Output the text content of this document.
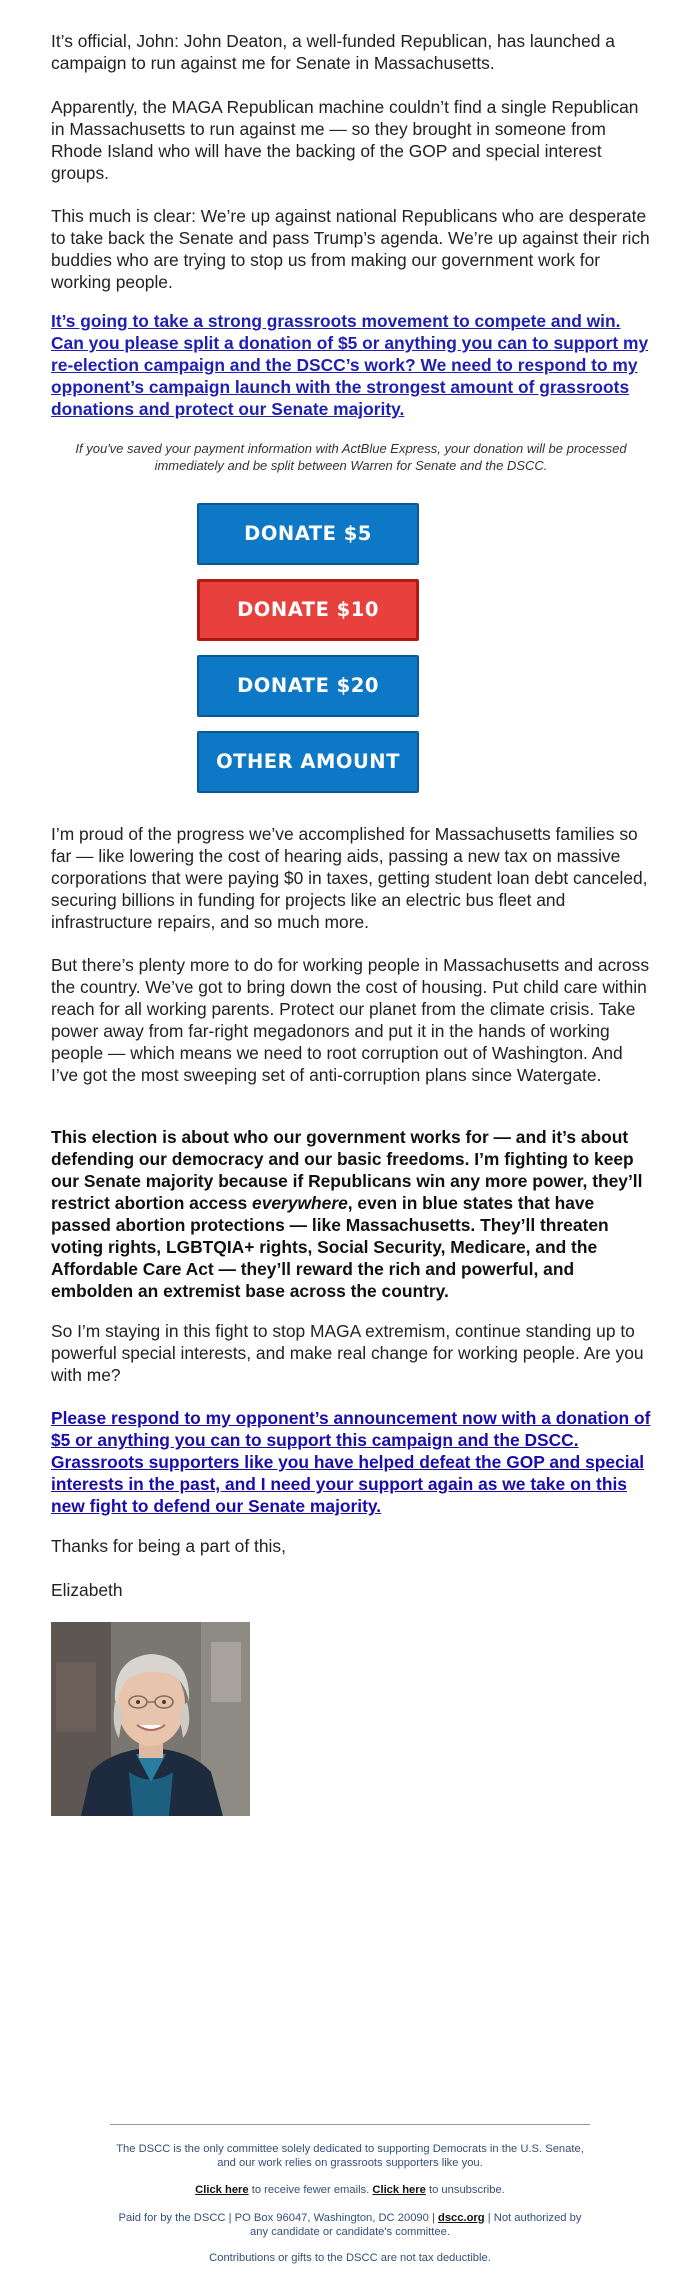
It’s official, John: John Deaton, a well-funded Republican, has launched a campaign to run against me for Senate in Massachusetts.

Apparently, the MAGA Republican machine couldn’t find a single Republican in Massachusetts to run against me — so they brought in someone from Rhode Island who will have the backing of the GOP and special interest groups.

This much is clear: We’re up against national Republicans who are desperate to take back the Senate and pass Trump’s agenda. We’re up against their rich buddies who are trying to stop us from making our government work for working people.

It’s going to take a strong grassroots movement to compete and win. Can you please split a donation of $5 or anything you can to support my re-election campaign and the DSCC’s work? We need to respond to my opponent’s campaign launch with the strongest amount of grassroots donations and protect our Senate majority.

If you've saved your payment information with ActBlue Express, your donation will be processed immediately and be split between Warren for Senate and the DSCC.

DONATE $5
DONATE $10
DONATE $20
OTHER AMOUNT

I’m proud of the progress we’ve accomplished for Massachusetts families so far — like lowering the cost of hearing aids, passing a new tax on massive corporations that were paying $0 in taxes, getting student loan debt canceled, securing billions in funding for projects like an electric bus fleet and infrastructure repairs, and so much more.

But there’s plenty more to do for working people in Massachusetts and across the country. We’ve got to bring down the cost of housing. Put child care within reach for all working parents. Protect our planet from the climate crisis. Take power away from far-right megadonors and put it in the hands of working people — which means we need to root corruption out of Washington. And I’ve got the most sweeping set of anti-corruption plans since Watergate.

This election is about who our government works for — and it’s about defending our democracy and our basic freedoms. I’m fighting to keep our Senate majority because if Republicans win any more power, they’ll restrict abortion access everywhere, even in blue states that have passed abortion protections — like Massachusetts. They’ll threaten voting rights, LGBTQIA+ rights, Social Security, Medicare, and the Affordable Care Act — they’ll reward the rich and powerful, and embolden an extremist base across the country.

So I’m staying in this fight to stop MAGA extremism, continue standing up to powerful special interests, and make real change for working people. Are you with me?

Please respond to my opponent’s announcement now with a donation of $5 or anything you can to support this campaign and the DSCC. Grassroots supporters like you have helped defeat the GOP and special interests in the past, and I need your support again as we take on this new fight to defend our Senate majority.

Thanks for being a part of this,

Elizabeth

The DSCC is the only committee solely dedicated to supporting Democrats in the U.S. Senate, and our work relies on grassroots supporters like you.
Click here to receive fewer emails. Click here to unsubscribe.
Paid for by the DSCC | PO Box 96047, Washington, DC 20090 | dscc.org | Not authorized by any candidate or candidate's committee.
Contributions or gifts to the DSCC are not tax deductible.
